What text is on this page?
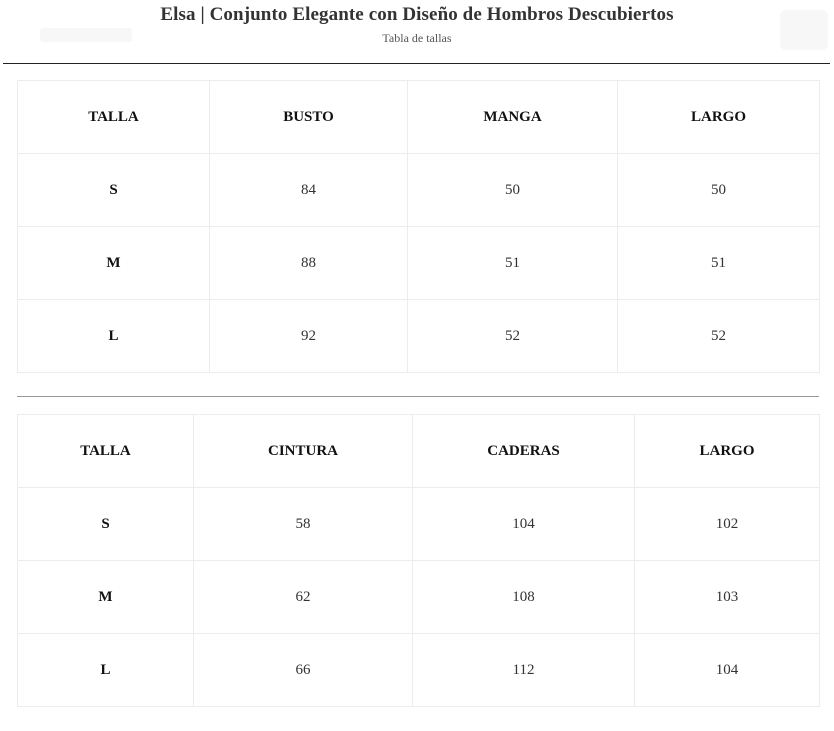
Elsa | Conjunto Elegante con Diseño de Hombros Descubiertos
Tabla de tallas
TALLA	BUSTO	MANGA	LARGO
S	84	50	50
M	88	51	51
L	92	52	52
TALLA	CINTURA	CADERAS	LARGO
S	58	104	102
M	62	108	103
L	66	112	104
